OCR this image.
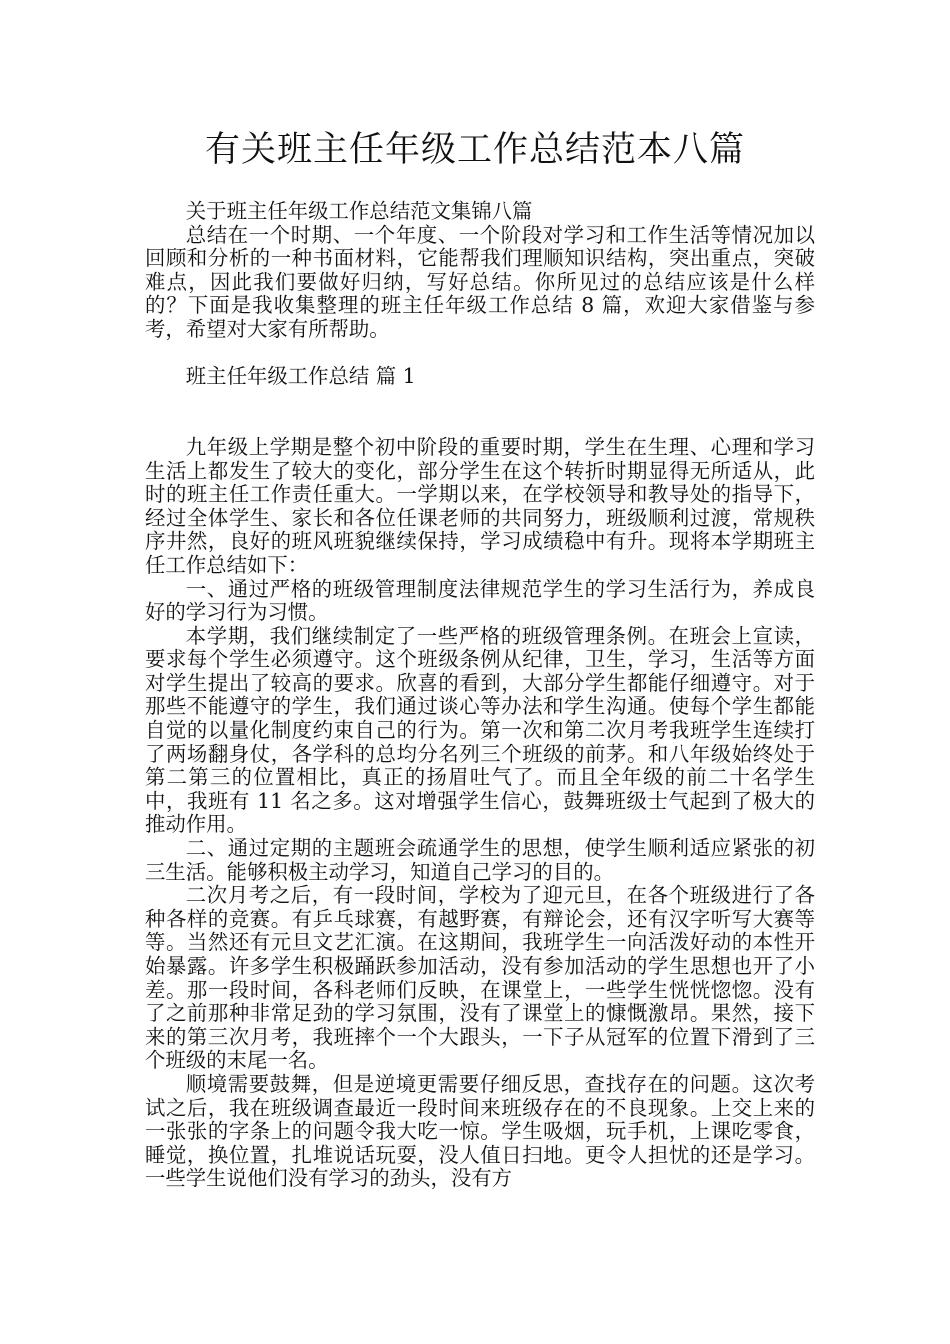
有关班主任年级工作总结范本八篇

关于班主任年级工作总结范文集锦八篇

总结在一个时期、一个年度、一个阶段对学习和工作生活等情况加以回顾和分析的一种书面材料，它能帮我们理顺知识结构，突出重点，突破难点，因此我们要做好归纳，写好总结。你所见过的总结应该是什么样的？下面是我收集整理的班主任年级工作总结 8 篇，欢迎大家借鉴与参考，希望对大家有所帮助。

班主任年级工作总结 篇 1

九年级上学期是整个初中阶段的重要时期，学生在生理、心理和学习生活上都发生了较大的变化，部分学生在这个转折时期显得无所适从，此时的班主任工作责任重大。一学期以来，在学校领导和教导处的指导下，经过全体学生、家长和各位任课老师的共同努力，班级顺利过渡，常规秩序井然，良好的班风班貌继续保持，学习成绩稳中有升。现将本学期班主任工作总结如下：

一、通过严格的班级管理制度法律规范学生的学习生活行为，养成良好的学习行为习惯。

本学期，我们继续制定了一些严格的班级管理条例。在班会上宣读，要求每个学生必须遵守。这个班级条例从纪律，卫生，学习，生活等方面对学生提出了较高的要求。欣喜的看到，大部分学生都能仔细遵守。对于那些不能遵守的学生，我们通过谈心等办法和学生沟通。使每个学生都能自觉的以量化制度约束自己的行为。第一次和第二次月考我班学生连续打了两场翻身仗，各学科的总均分名列三个班级的前茅。和八年级始终处于第二第三的位置相比，真正的扬眉吐气了。而且全年级的前二十名学生中，我班有 11 名之多。这对增强学生信心，鼓舞班级士气起到了极大的推动作用。

二、通过定期的主题班会疏通学生的思想，使学生顺利适应紧张的初三生活。能够积极主动学习，知道自己学习的目的。

二次月考之后，有一段时间，学校为了迎元旦，在各个班级进行了各种各样的竞赛。有乒乓球赛，有越野赛，有辩论会，还有汉字听写大赛等等。当然还有元旦文艺汇演。在这期间，我班学生一向活泼好动的本性开始暴露。许多学生积极踊跃参加活动，没有参加活动的学生思想也开了小差。那一段时间，各科老师们反映，在课堂上，一些学生恍恍惚惚。没有了之前那种非常足劲的学习氛围，没有了课堂上的慷慨激昂。果然，接下来的第三次月考，我班摔个一个大跟头，一下子从冠军的位置下滑到了三个班级的末尾一名。

顺境需要鼓舞，但是逆境更需要仔细反思，查找存在的问题。这次考试之后，我在班级调查最近一段时间来班级存在的不良现象。上交上来的一张张的字条上的问题令我大吃一惊。学生吸烟，玩手机，上课吃零食，睡觉，换位置，扎堆说话玩耍，没人值日扫地。更令人担忧的还是学习。一些学生说他们没有学习的劲头，没有方
